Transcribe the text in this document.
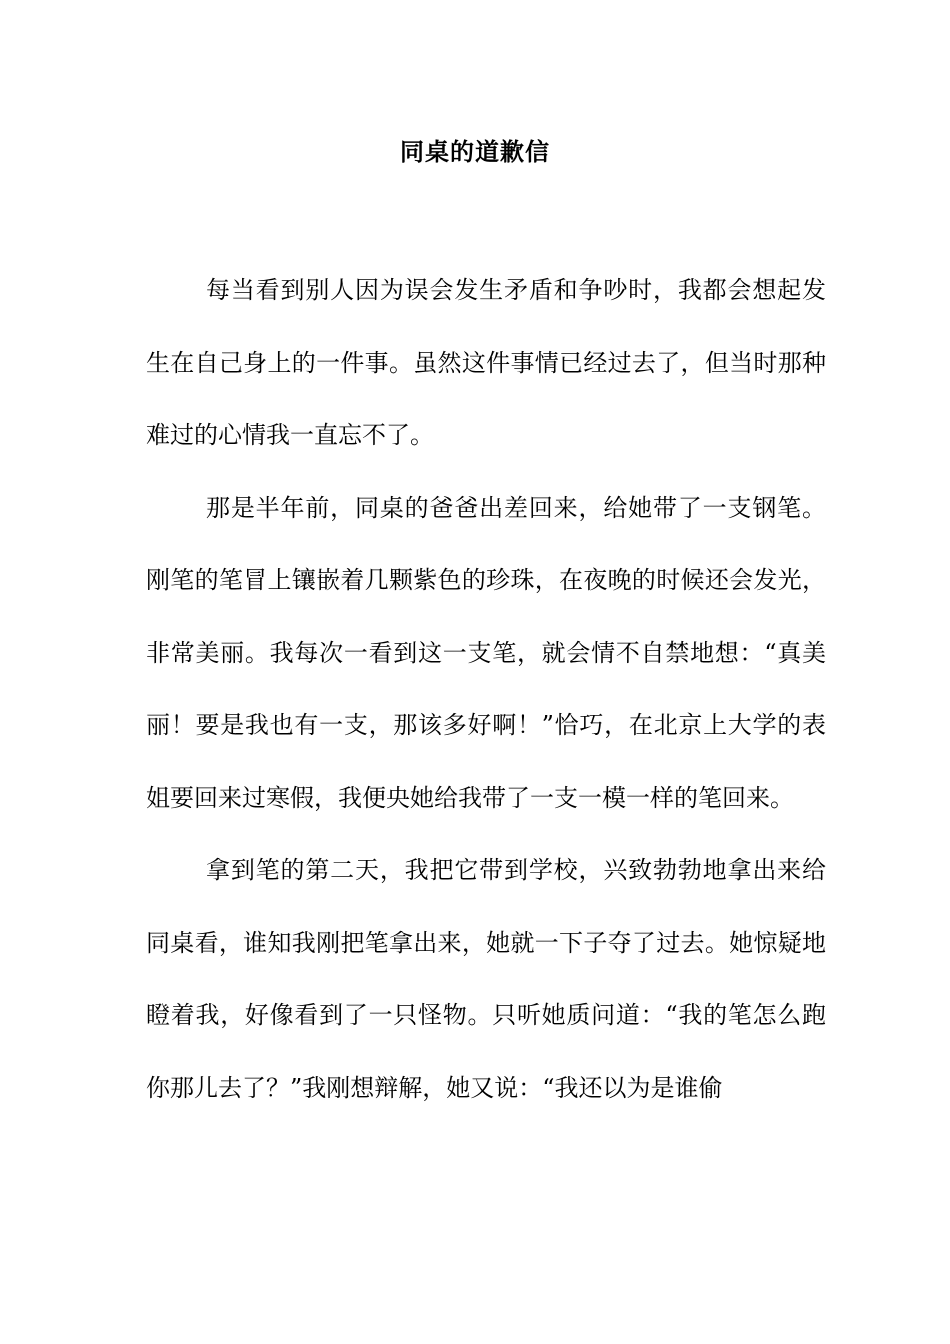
同桌的道歉信

每当看到别人因为误会发生矛盾和争吵时，我都会想起发生在自己身上的一件事。虽然这件事情已经过去了，但当时那种难过的心情我一直忘不了。

那是半年前，同桌的爸爸出差回来，给她带了一支钢笔。刚笔的笔冒上镶嵌着几颗紫色的珍珠，在夜晚的时候还会发光，非常美丽。我每次一看到这一支笔，就会情不自禁地想：“真美丽！要是我也有一支，那该多好啊！”恰巧，在北京上大学的表姐要回来过寒假，我便央她给我带了一支一模一样的笔回来。

拿到笔的第二天，我把它带到学校，兴致勃勃地拿出来给同桌看，谁知我刚把笔拿出来，她就一下子夺了过去。她惊疑地瞪着我，好像看到了一只怪物。只听她质问道：“我的笔怎么跑你那儿去了？”我刚想辩解，她又说：“我还以为是谁偷
